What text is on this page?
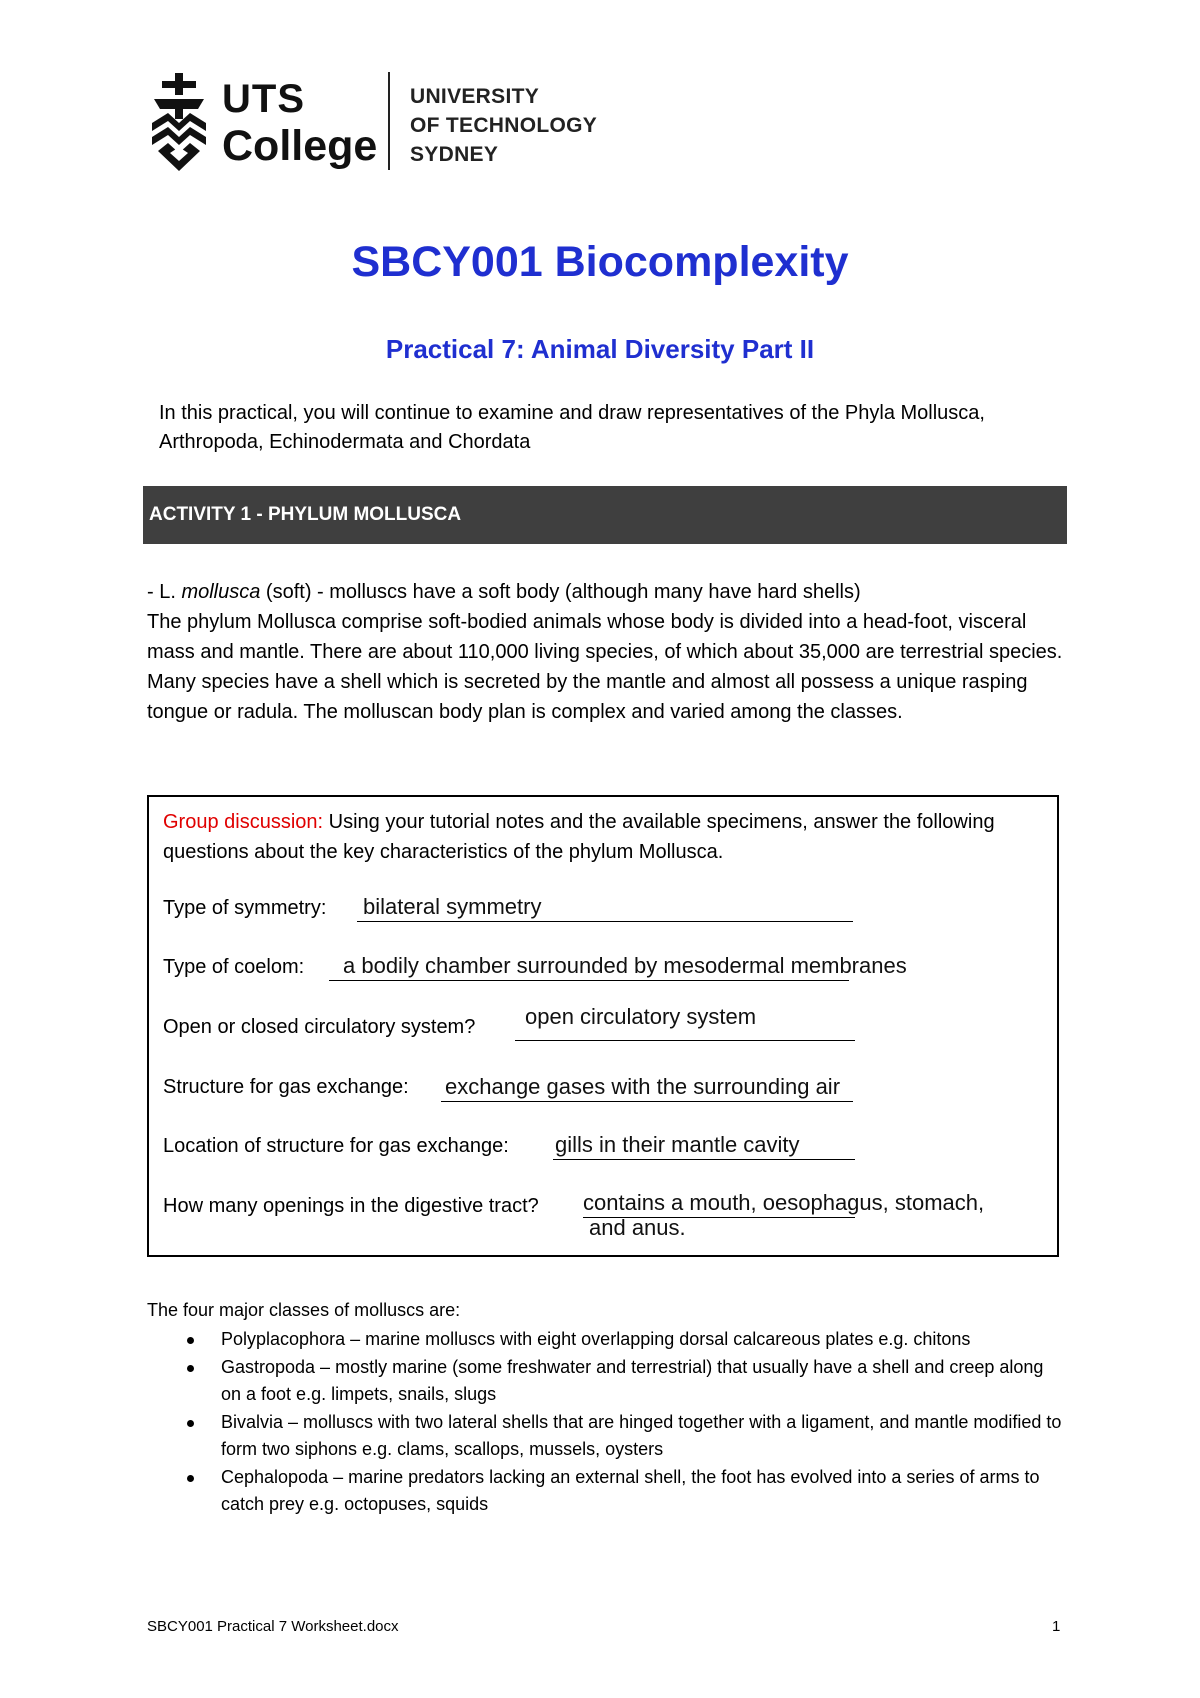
UTS
College
UNIVERSITY
OF TECHNOLOGY
SYDNEY
SBCY001 Biocomplexity
Practical 7: Animal Diversity Part II
In this practical, you will continue to examine and draw representatives of the Phyla Mollusca, Arthropoda, Echinodermata and Chordata
ACTIVITY 1 - PHYLUM MOLLUSCA

- L. mollusca (soft) - molluscs have a soft body (although many have hard shells)

The phylum Mollusca comprise soft-bodied animals whose body is divided into a head-foot, visceral mass and mantle. There are about 110,000 living species, of which about 35,000 are terrestrial species. Many species have a shell which is secreted by the mantle and almost all possess a unique rasping tongue or radula. The molluscan body plan is complex and varied among the classes.

Group discussion: Using your tutorial notes and the available specimens, answer the following questions about the key characteristics of the phylum Mollusca.
Type of symmetry: bilateral symmetry
Type of coelom: a bodily chamber surrounded by mesodermal membranes
Open or closed circulatory system? open circulatory system
Structure for gas exchange: exchange gases with the surrounding air
Location of structure for gas exchange: gills in their mantle cavity
How many openings in the digestive tract? contains a mouth, oesophagus, stomach,
and anus.
The four major classes of molluscs are:
Polyplacophora – marine molluscs with eight overlapping dorsal calcareous plates e.g. chitons
Gastropoda – mostly marine (some freshwater and terrestrial) that usually have a shell and creep along on a foot e.g. limpets, snails, slugs
Bivalvia – molluscs with two lateral shells that are hinged together with a ligament, and mantle modified to form two siphons e.g. clams, scallops, mussels, oysters
Cephalopoda – marine predators lacking an external shell, the foot has evolved into a series of arms to catch prey e.g. octopuses, squids
SBCY001 Practical 7 Worksheet.docx	1
